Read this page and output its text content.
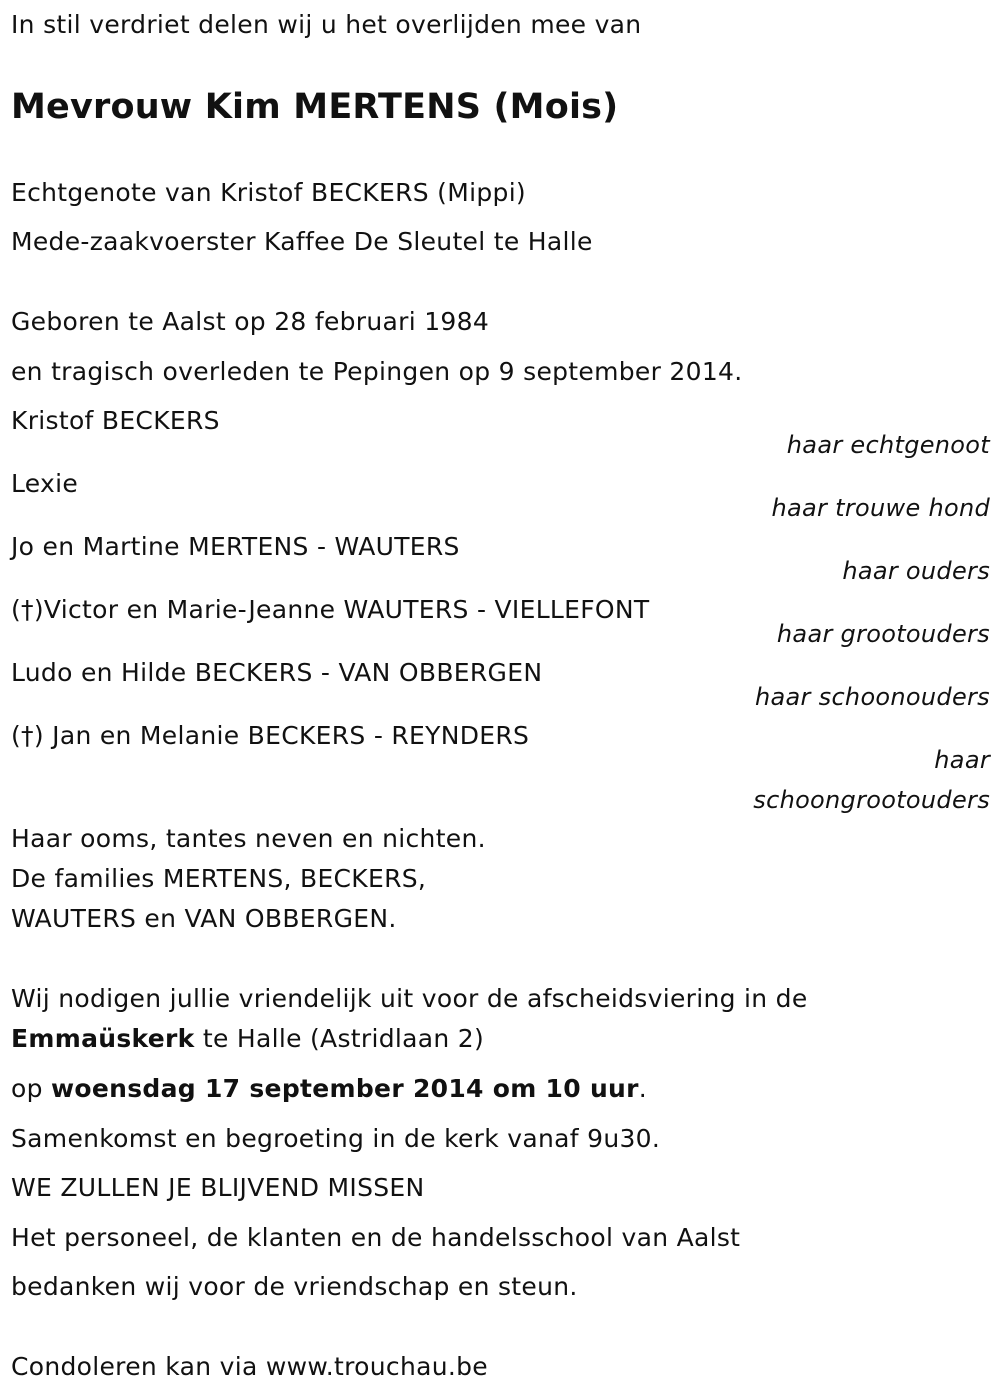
In stil verdriet delen wij u het overlijden mee van
Mevrouw Kim MERTENS (Mois)
Echtgenote van Kristof BECKERS (Mippi)
Mede-zaakvoerster Kaffee De Sleutel te Halle
Geboren te Aalst op 28 februari 1984
en tragisch overleden te Pepingen op 9 september 2014.
Kristof BECKERS
haar echtgenoot
Lexie
haar trouwe hond
Jo en Martine MERTENS - WAUTERS
haar ouders
(†)Victor en Marie-Jeanne WAUTERS - VIELLEFONT
haar grootouders
Ludo en Hilde BECKERS - VAN OBBERGEN
haar schoonouders
(†) Jan en Melanie BECKERS - REYNDERS
haar
schoongrootouders
Haar ooms, tantes neven en nichten.
De families MERTENS, BECKERS,
WAUTERS en VAN OBBERGEN.
Wij nodigen jullie vriendelijk uit voor de afscheidsviering in de
Emmaüskerk te Halle (Astridlaan 2)
op woensdag 17 september 2014 om 10 uur.
Samenkomst en begroeting in de kerk vanaf 9u30.
WE ZULLEN JE BLIJVEND MISSEN
Het personeel, de klanten en de handelsschool van Aalst
bedanken wij voor de vriendschap en steun.
Condoleren kan via www.trouchau.be
